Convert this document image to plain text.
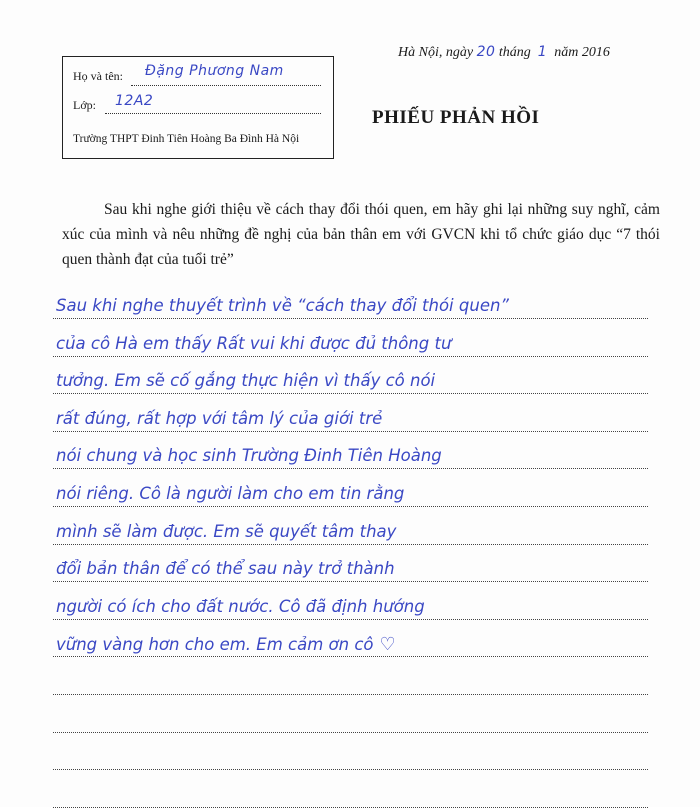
Họ và tên: Đặng Phương Nam
Lớp: 12A2
Trường THPT Đinh Tiên Hoàng Ba Đình Hà Nội
Hà Nội, ngày 20 tháng 1 năm 2016
PHIẾU PHẢN HỒI
Sau khi nghe giới thiệu về cách thay đổi thói quen, em hãy ghi lại những suy nghĩ, cảm xúc của mình và nêu những đề nghị của bản thân em với GVCN khi tổ chức giáo dục “7 thói quen thành đạt của tuổi trẻ”
Sau khi nghe thuyết trình về “cách thay đổi thói quen”
của cô Hà em thấy Rất vui khi được đủ thông tư
tưởng. Em sẽ cố gắng thực hiện vì thấy cô nói
rất đúng, rất hợp với tâm lý của giới trẻ
nói chung và học sinh Trường Đinh Tiên Hoàng
nói riêng. Cô là người làm cho em tin rằng
mình sẽ làm được. Em sẽ quyết tâm thay
đổi bản thân để có thể sau này trở thành
người có ích cho đất nước. Cô đã định hướng
vững vàng hơn cho em. Em cảm ơn cô ♡
